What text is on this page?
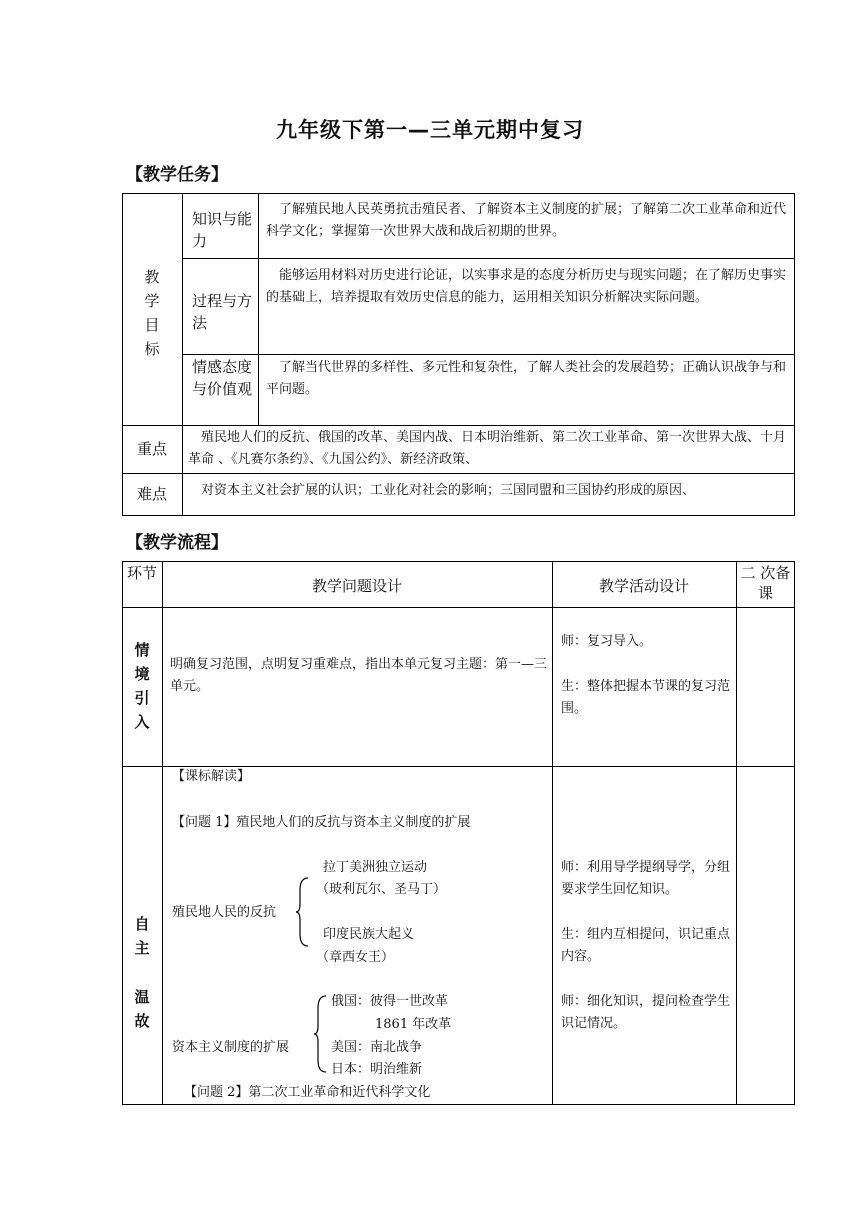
九年级下第一—三单元期中复习
【教学任务】
教
学
目
标
知识与能力
了解殖民地人民英勇抗击殖民者、了解资本主义制度的扩展；了解第二次工业革命和近代科学文化；掌握第一次世界大战和战后初期的世界。
过程与方法
能够运用材料对历史进行论证，以实事求是的态度分析历史与现实问题；在了解历史事实的基础上，培养提取有效历史信息的能力，运用相关知识分析解决实际问题。
情感态度与价值观
了解当代世界的多样性、多元性和复杂性，了解人类社会的发展趋势；正确认识战争与和平问题。
重点
殖民地人们的反抗、俄国的改革、美国内战、日本明治维新、第二次工业革命、第一次世界大战、十月革命 、《凡赛尔条约》、《九国公约》、新经济政策、
难点	对资本主义社会扩展的认识；工业化对社会的影响；三国同盟和三国协约形成的原因、
【教学流程】
环节
教学问题设计	教学活动设计
二 次备课
情
境
引
入
明确复习范围，点明复习重难点，指出本单元复习主题：第一—三单元。
师：复习导入。
生：整体把握本节课的复习范围。
自
主
温
故
【课标解读】
【问题 1】殖民地人们的反抗与资本主义制度的扩展
殖民地人民的反抗
拉丁美洲独立运动
（玻利瓦尔、圣马丁）
印度民族大起义
（章西女王）
资本主义制度的扩展
俄国：彼得一世改革
1861 年改革
美国：南北战争
日本：明治维新
【问题 2】第二次工业革命和近代科学文化
师：利用导学提纲导学，分组要求学生回忆知识。
生：组内互相提问，识记重点内容。
师：细化知识，提问检查学生识记情况。
